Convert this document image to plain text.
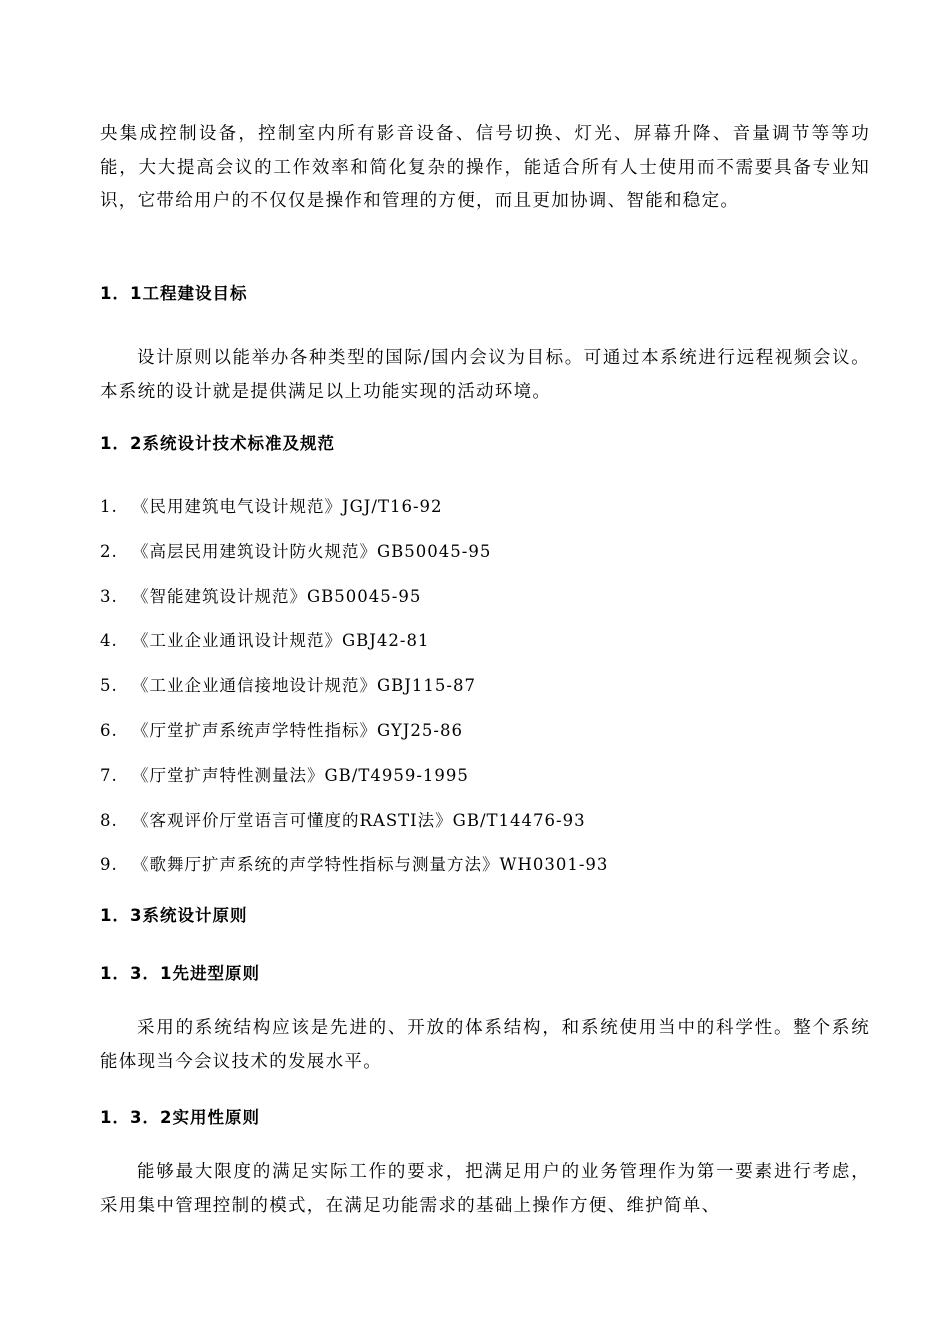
央集成控制设备，控制室内所有影音设备、信号切换、灯光、屏幕升降、音量调节等等功能，大大提高会议的工作效率和简化复杂的操作，能适合所有人士使用而不需要具备专业知识，它带给用户的不仅仅是操作和管理的方便，而且更加协调、智能和稳定。

1．1工程建设目标

设计原则以能举办各种类型的国际/国内会议为目标。可通过本系统进行远程视频会议。本系统的设计就是提供满足以上功能实现的活动环境。

1．2系统设计技术标准及规范
1. 《民用建筑电气设计规范》JGJ/T16-92
2. 《高层民用建筑设计防火规范》GB50045-95
3. 《智能建筑设计规范》GB50045-95
4. 《工业企业通讯设计规范》GBJ42-81
5. 《工业企业通信接地设计规范》GBJ115-87
6. 《厅堂扩声系统声学特性指标》GYJ25-86
7. 《厅堂扩声特性测量法》GB/T4959-1995
8. 《客观评价厅堂语言可懂度的RASTI法》GB/T14476-93
9. 《歌舞厅扩声系统的声学特性指标与测量方法》WH0301-93
1．3系统设计原则
1．3．1先进型原则

采用的系统结构应该是先进的、开放的体系结构，和系统使用当中的科学性。整个系统能体现当今会议技术的发展水平。

1．3．2实用性原则

能够最大限度的满足实际工作的要求，把满足用户的业务管理作为第一要素进行考虑，采用集中管理控制的模式，在满足功能需求的基础上操作方便、维护简单、
